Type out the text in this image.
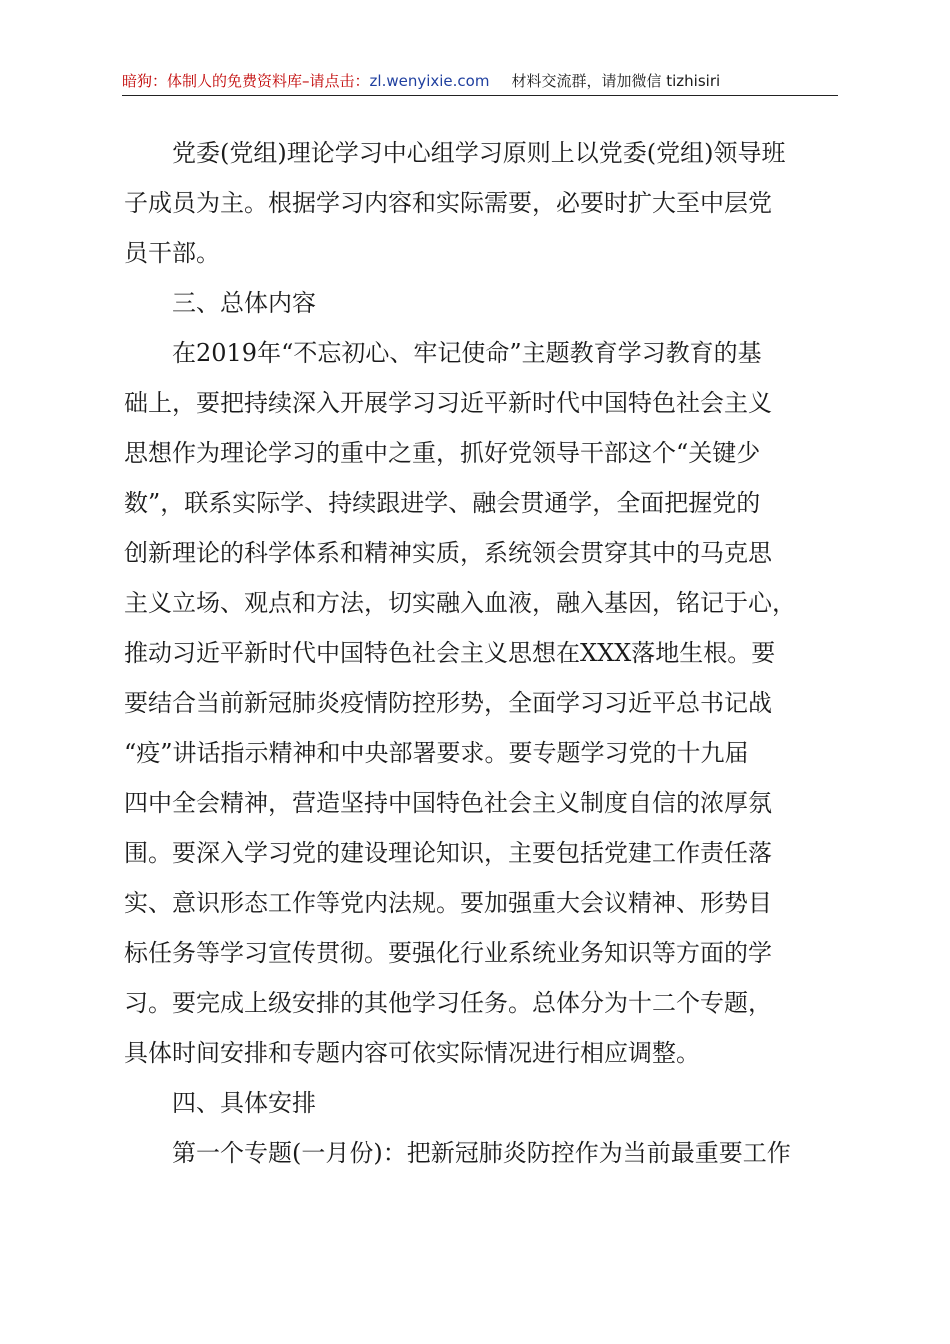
暗狗：体制人的免费资料库–请点击：zl.wenyixie.com 材料交流群，请加微信 tizhisiri
　　党委(党组)理论学习中心组学习原则上以党委(党组)领导班
子成员为主。根据学习内容和实际需要，必要时扩大至中层党
员干部。
　　三、总体内容
　　在2019年“不忘初心、牢记使命”主题教育学习教育的基
础上，要把持续深入开展学习习近平新时代中国特色社会主义
思想作为理论学习的重中之重，抓好党领导干部这个“关键少
数”，联系实际学、持续跟进学、融会贯通学，全面把握党的
创新理论的科学体系和精神实质，系统领会贯穿其中的马克思
主义立场、观点和方法，切实融入血液，融入基因，铭记于心，
推动习近平新时代中国特色社会主义思想在XXX落地生根。要
要结合当前新冠肺炎疫情防控形势，全面学习习近平总书记战
“疫”讲话指示精神和中央部署要求。要专题学习党的十九届
四中全会精神，营造坚持中国特色社会主义制度自信的浓厚氛
围。要深入学习党的建设理论知识，主要包括党建工作责任落
实、意识形态工作等党内法规。要加强重大会议精神、形势目
标任务等学习宣传贯彻。要强化行业系统业务知识等方面的学
习。要完成上级安排的其他学习任务。总体分为十二个专题，
具体时间安排和专题内容可依实际情况进行相应调整。
　　四、具体安排
　　第一个专题(一月份)：把新冠肺炎防控作为当前最重要工作
